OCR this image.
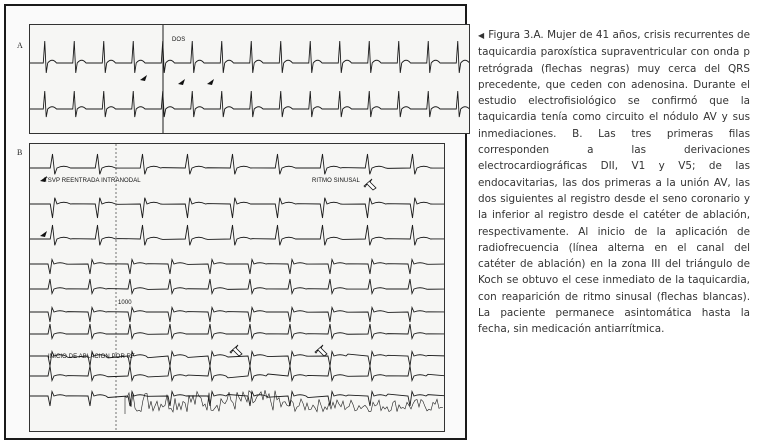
A
B
DOS
TSVP REENTRADA INTRANODAL	RITMO SINUSAL
INICIO DE ABLACION POR RF
1000
◀ Figura 3.A. Mujer de 41 años, crisis recurrentes de taquicardia paroxística supraventricular con onda p retrógrada (flechas negras) muy cerca del QRS precedente, que ceden con adenosina. Durante el estudio electrofisiológico se confirmó que la taquicardia tenía como circuito el nódulo AV y sus inmediaciones. B. Las tres primeras filas corresponden a las derivaciones electrocardiográficas DII, V1 y V5; de las endocavitarias, las dos primeras a la unión AV, las dos siguientes al registro desde el seno coronario y la inferior al registro desde el catéter de ablación, respectivamente. Al inicio de la aplicación de radiofrecuencia (línea alterna en el canal del catéter de ablación) en la zona III del triángulo de Koch se obtuvo el cese inmediato de la taquicardia, con reaparición de ritmo sinusal (flechas blancas). La paciente permanece asintomática hasta la fecha, sin medicación antiarrítmica.
